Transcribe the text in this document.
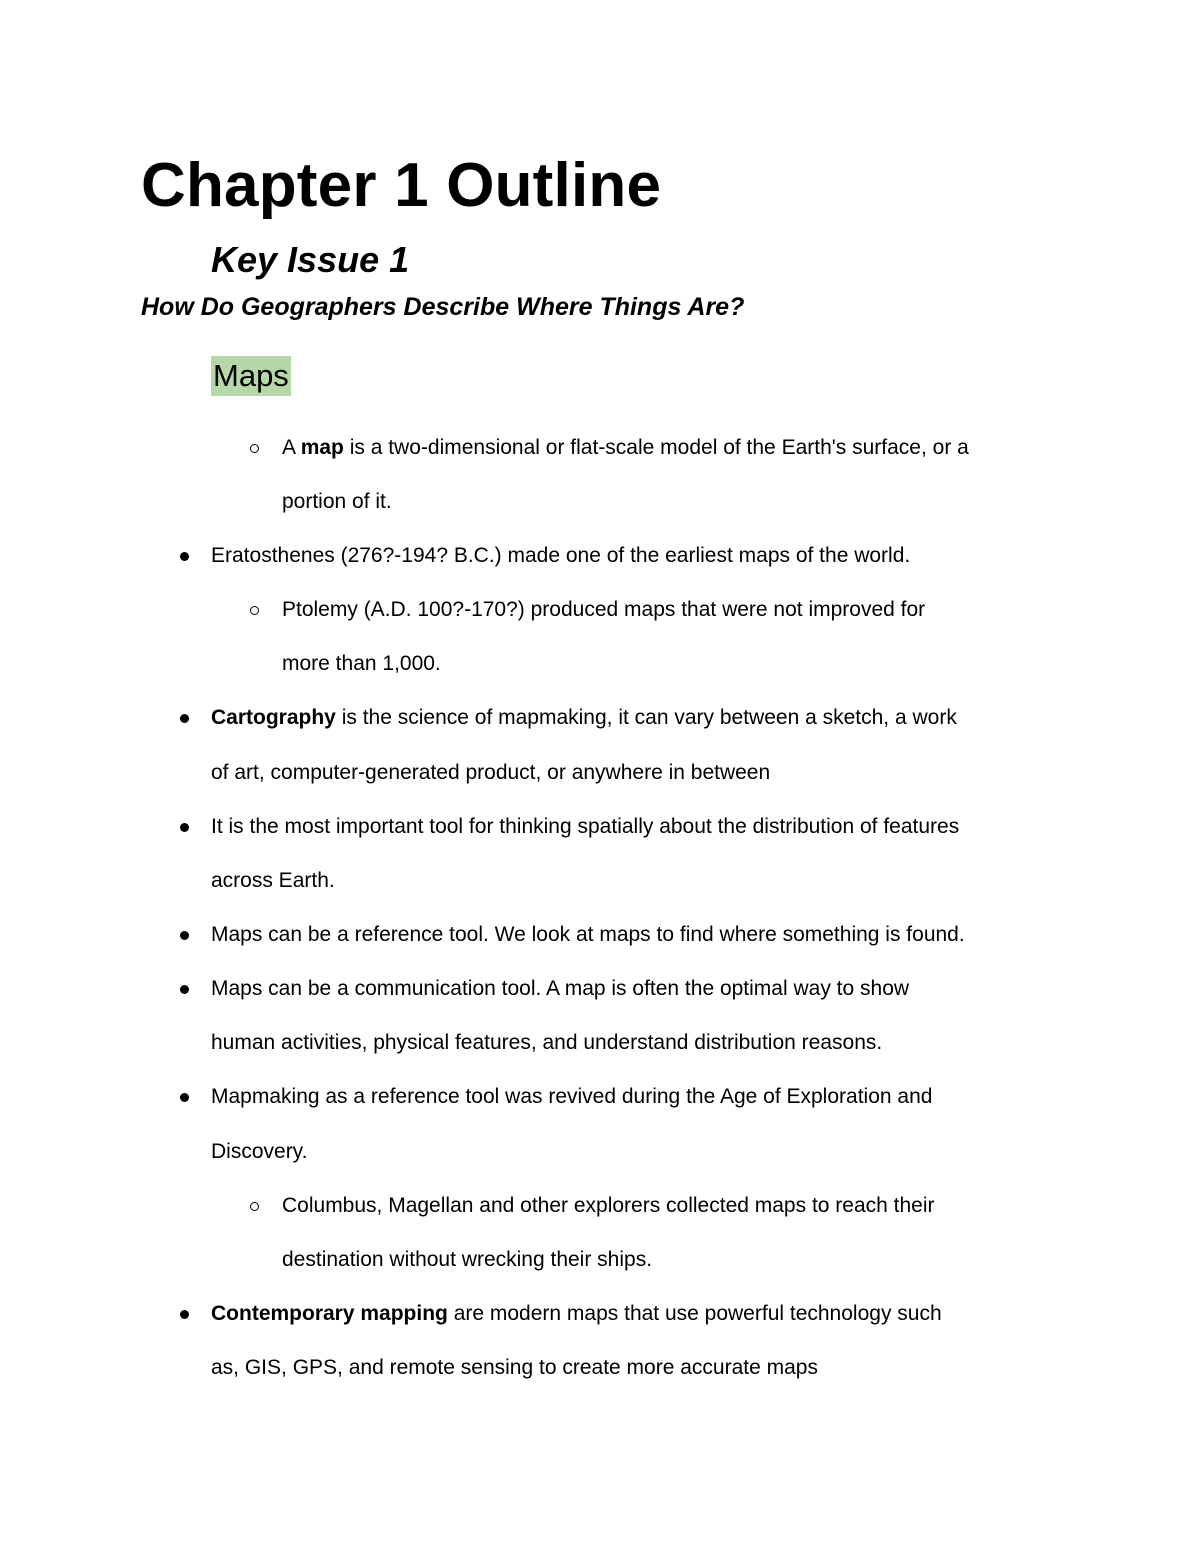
Chapter 1 Outline
Key Issue 1
How Do Geographers Describe Where Things Are?
Maps
A map is a two-dimensional or flat-scale model of the Earth's surface, or a
portion of it.
Eratosthenes (276?-194? B.C.) made one of the earliest maps of the world.
Ptolemy (A.D. 100?-170?) produced maps that were not improved for
more than 1,000.
Cartography is the science of mapmaking, it can vary between a sketch, a work
of art, computer-generated product, or anywhere in between
It is the most important tool for thinking spatially about the distribution of features
across Earth.
Maps can be a reference tool. We look at maps to find where something is found.
Maps can be a communication tool. A map is often the optimal way to show
human activities, physical features, and understand distribution reasons.
Mapmaking as a reference tool was revived during the Age of Exploration and
Discovery.
Columbus, Magellan and other explorers collected maps to reach their
destination without wrecking their ships.
Contemporary mapping are modern maps that use powerful technology such
as, GIS, GPS, and remote sensing to create more accurate maps
